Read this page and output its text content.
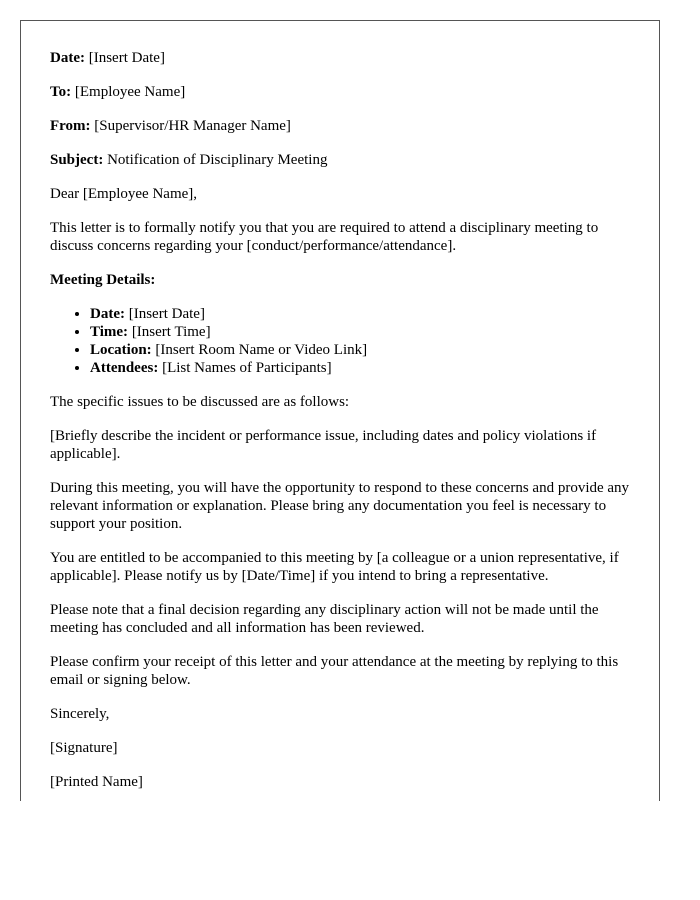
Date: [Insert Date]

To: [Employee Name]

From: [Supervisor/HR Manager Name]

Subject: Notification of Disciplinary Meeting

Dear [Employee Name],

This letter is to formally notify you that you are required to attend a disciplinary meeting to discuss concerns regarding your [conduct/performance/attendance].

Meeting Details:

• Date: [Insert Date]
• Time: [Insert Time]
• Location: [Insert Room Name or Video Link]
• Attendees: [List Names of Participants]

The specific issues to be discussed are as follows:

[Briefly describe the incident or performance issue, including dates and policy violations if applicable].

During this meeting, you will have the opportunity to respond to these concerns and provide any relevant information or explanation. Please bring any documentation you feel is necessary to support your position.

You are entitled to be accompanied to this meeting by [a colleague or a union representative, if applicable]. Please notify us by [Date/Time] if you intend to bring a representative.

Please note that a final decision regarding any disciplinary action will not be made until the meeting has concluded and all information has been reviewed.

Please confirm your receipt of this letter and your attendance at the meeting by replying to this email or signing below.

Sincerely,

[Signature]

[Printed Name]
